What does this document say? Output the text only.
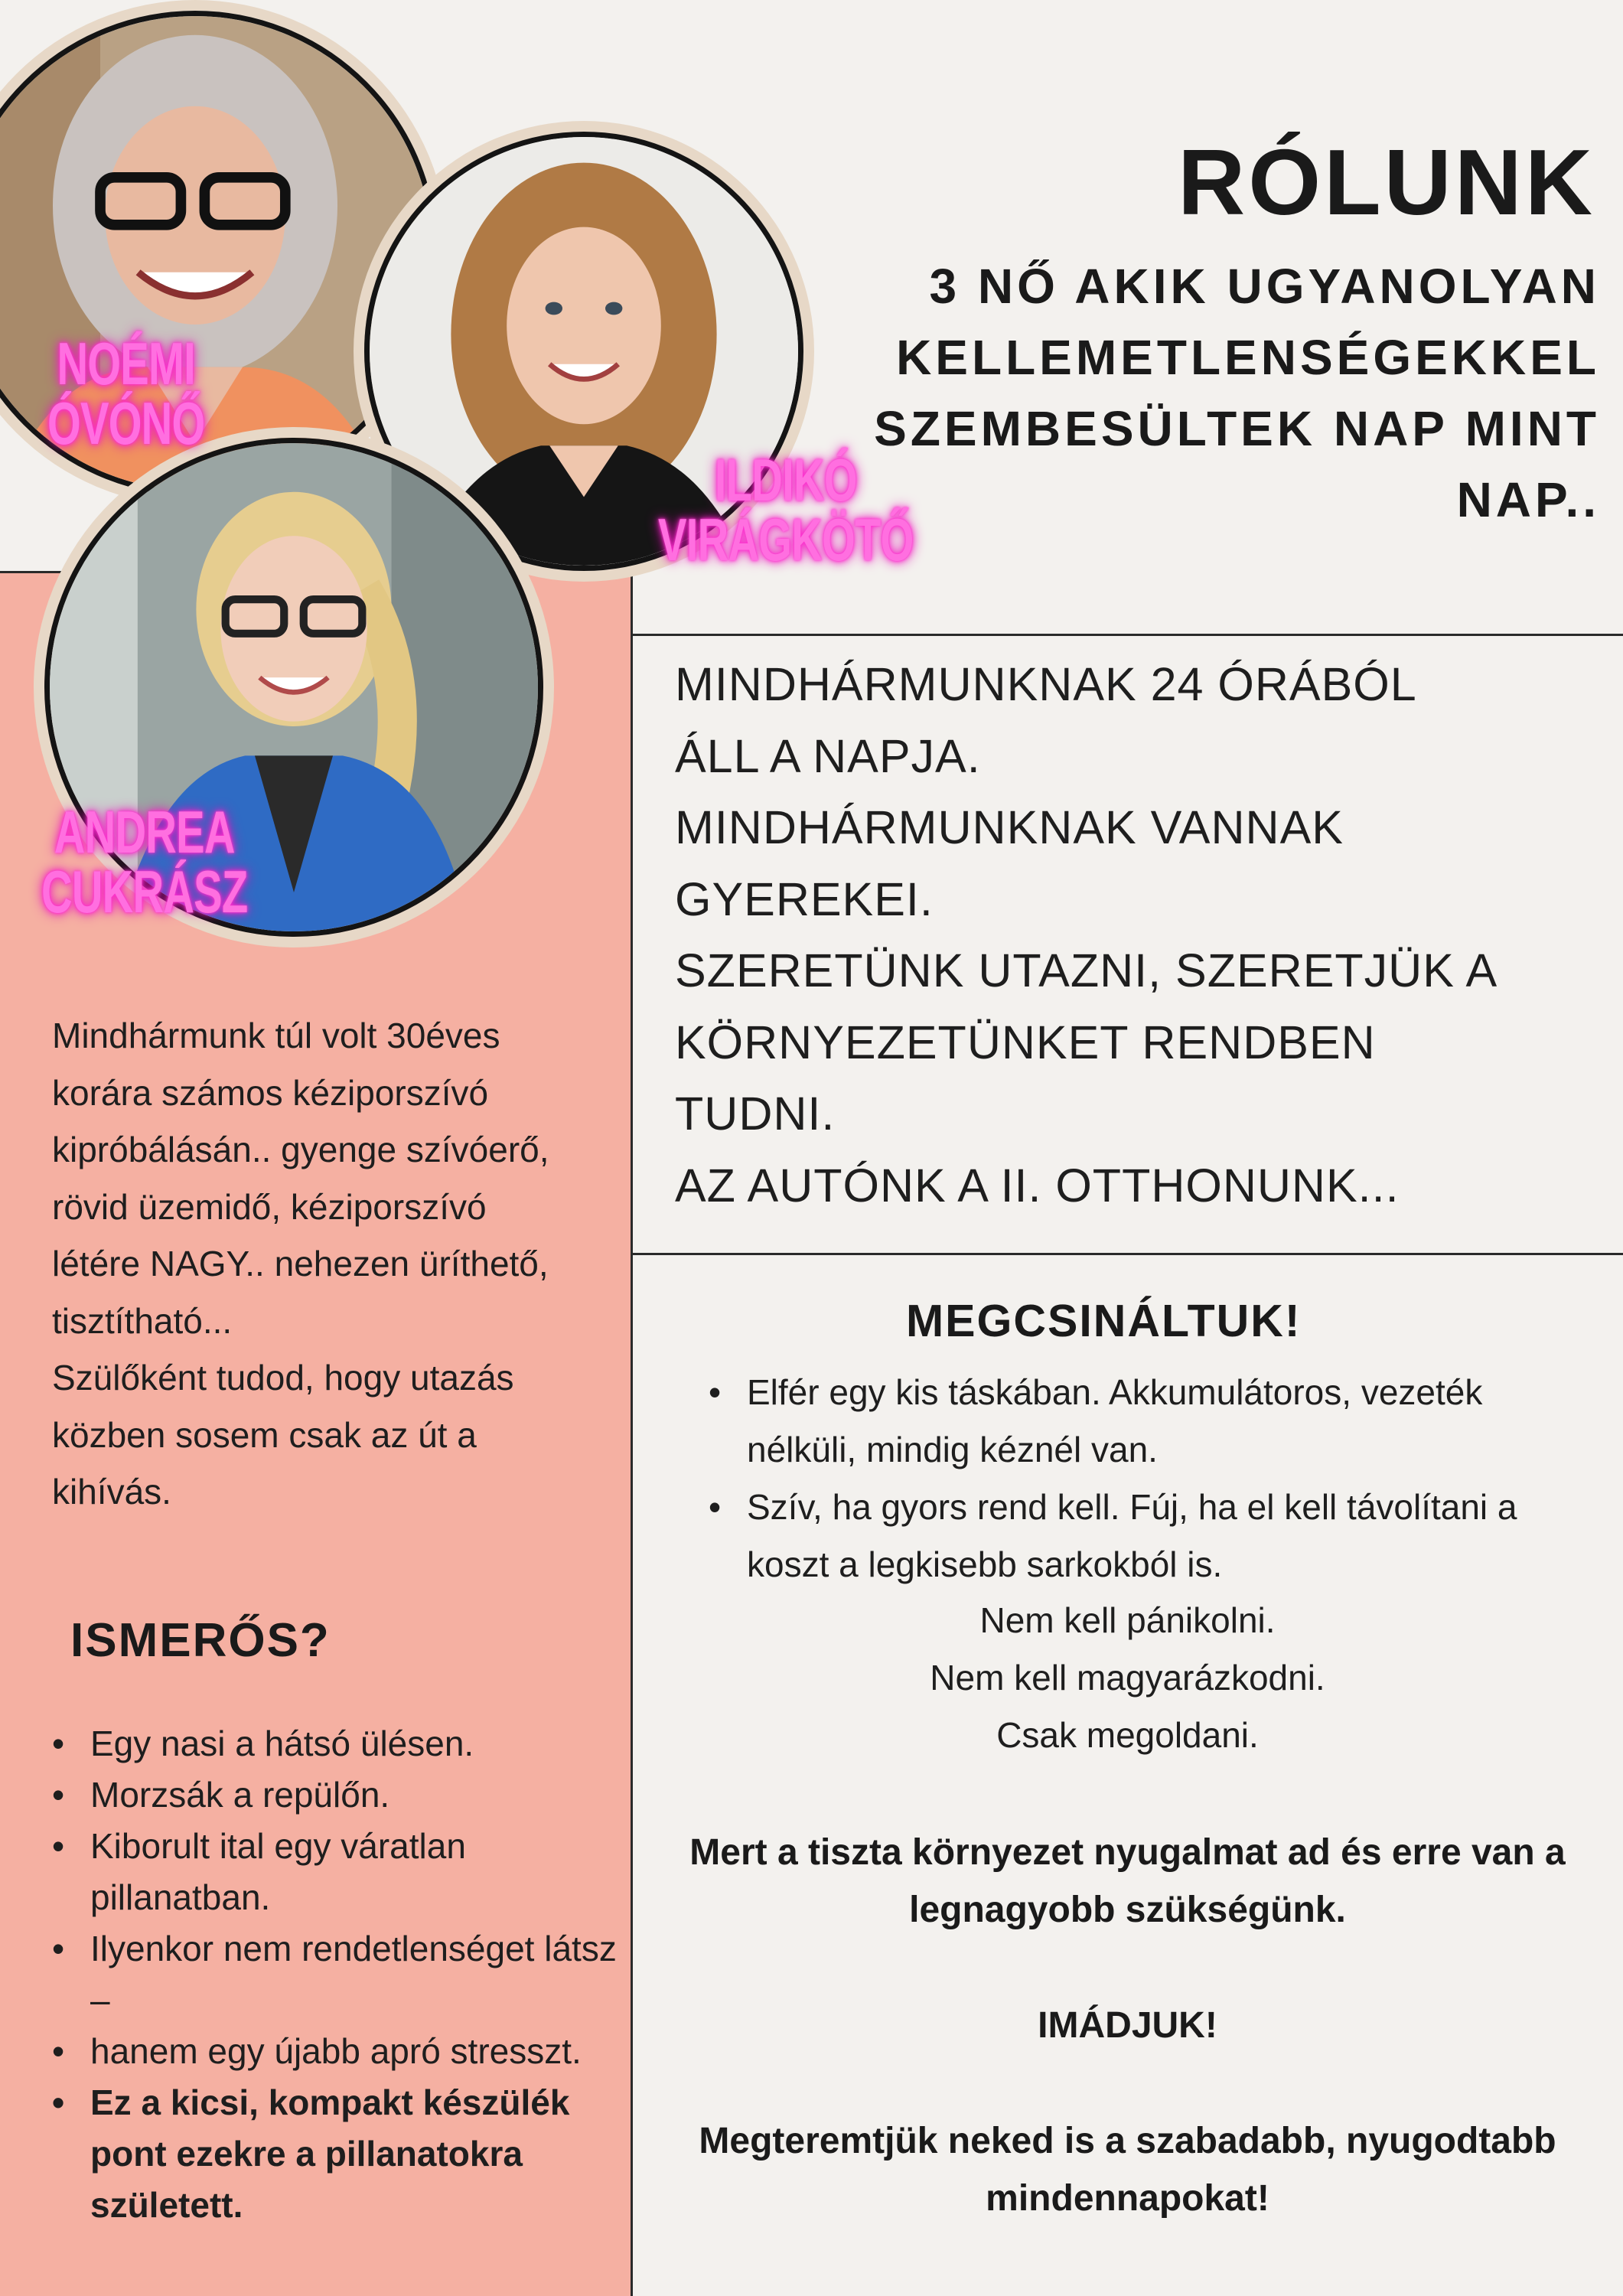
NOÉMI
ÓVÓNŐ
ILDIKÓ
VIRÁGKÖTŐ
ANDREA
CUKRÁSZ
RÓLUNK
3 NŐ AKIK UGYANOLYAN
KELLEMETLENSÉGEKKEL
SZEMBESÜLTEK NAP MINT
NAP..

MINDHÁRMUNKNAK 24 ÓRÁBÓL

ÁLL A NAPJA.

MINDHÁRMUNKNAK VANNAK

GYEREKEI.

SZERETÜNK UTAZNI, SZERETJÜK A

KÖRNYEZETÜNKET RENDBEN

TUDNI.

AZ AUTÓNK A II. OTTHONUNK...

Mindhármunk túl volt 30éves

korára számos kéziporszívó

kipróbálásán.. gyenge szívóerő,

rövid üzemidő, kéziporszívó

létére NAGY.. nehezen üríthető,

tisztítható...

Szülőként tudod, hogy utazás

közben sosem csak az út a

kihívás.

ISMERŐS?
• Egy nasi a hátsó ülésen.
• Morzsák a repülőn.
• Kiborult ital egy váratlan pillanatban.
• Ilyenkor nem rendetlenséget látsz –
• hanem egy újabb apró stresszt.
• Ez a kicsi, kompakt készülék pont ezekre a pillanatokra született.
MEGCSINÁLTUK!
• Elfér egy kis táskában. Akkumulátoros, vezeték nélküli, mindig kéznél van.
• Szív, ha gyors rend kell. Fúj, ha el kell távolítani a koszt a legkisebb sarkokból is.

Nem kell pánikolni.

Nem kell magyarázkodni.

Csak megoldani.

Mert a tiszta környezet nyugalmat ad és erre van a legnagyobb szükségünk.

IMÁDJUK!

Megteremtjük neked is a szabadabb, nyugodtabb mindennapokat!
